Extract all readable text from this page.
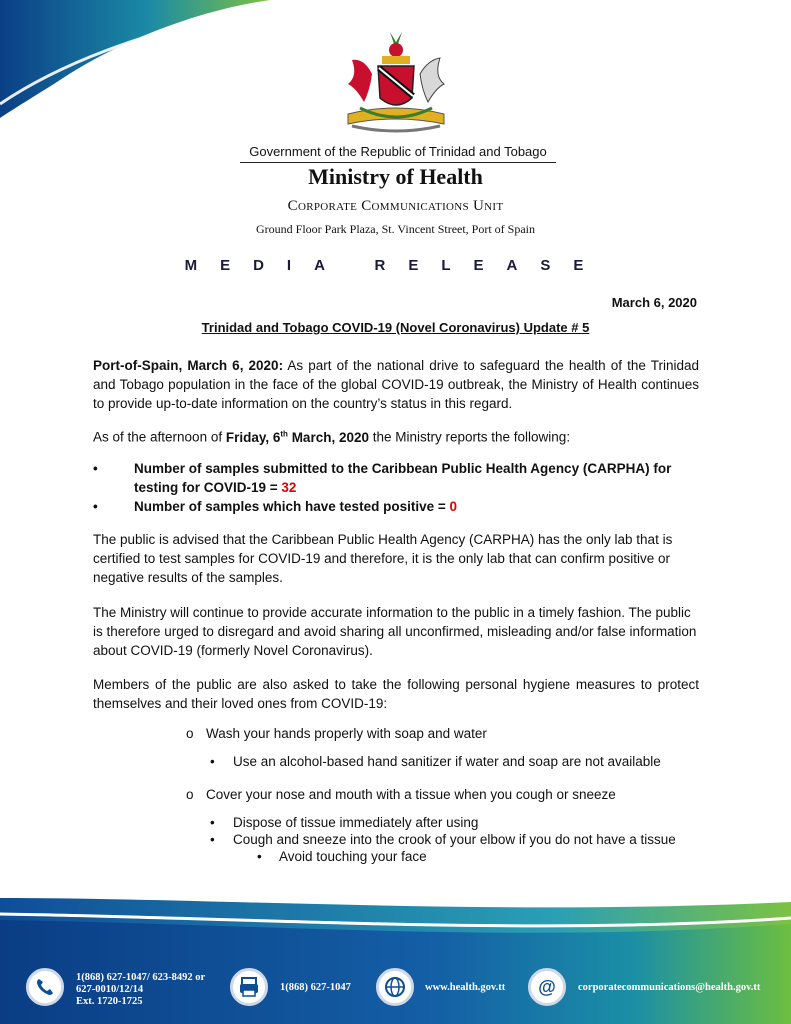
Government of the Republic of Trinidad and Tobago
Ministry of Health
Corporate Communications Unit
Ground Floor Park Plaza, St. Vincent Street, Port of Spain
MEDIA RELEASE
March 6, 2020
Trinidad and Tobago COVID-19 (Novel Coronavirus) Update # 5
Port-of-Spain, March 6, 2020: As part of the national drive to safeguard the health of the Trinidad and Tobago population in the face of the global COVID-19 outbreak, the Ministry of Health continues to provide up-to-date information on the country’s status in this regard.
As of the afternoon of Friday, 6th March, 2020 the Ministry reports the following:
•	Number of samples submitted to the Caribbean Public Health Agency (CARPHA) for testing for COVID-19 = 32
•	Number of samples which have tested positive = 0
The public is advised that the Caribbean Public Health Agency (CARPHA) has the only lab that is certified to test samples for COVID-19 and therefore, it is the only lab that can confirm positive or negative results of the samples.
The Ministry will continue to provide accurate information to the public in a timely fashion. The public is therefore urged to disregard and avoid sharing all unconfirmed, misleading and/or false information about COVID-19 (formerly Novel Coronavirus).
Members of the public are also asked to take the following personal hygiene measures to protect themselves and their loved ones from COVID-19:
o Wash your hands properly with soap and water
• Use an alcohol-based hand sanitizer if water and soap are not available
o Cover your nose and mouth with a tissue when you cough or sneeze
• Dispose of tissue immediately after using
• Cough and sneeze into the crook of your elbow if you do not have a tissue
• Avoid touching your face
1(868) 627-1047/ 623-8492 or
627-0010/12/14
Ext. 1720-1725
1(868) 627-1047	www.health.gov.tt @ corporatecommunications@health.gov.tt
